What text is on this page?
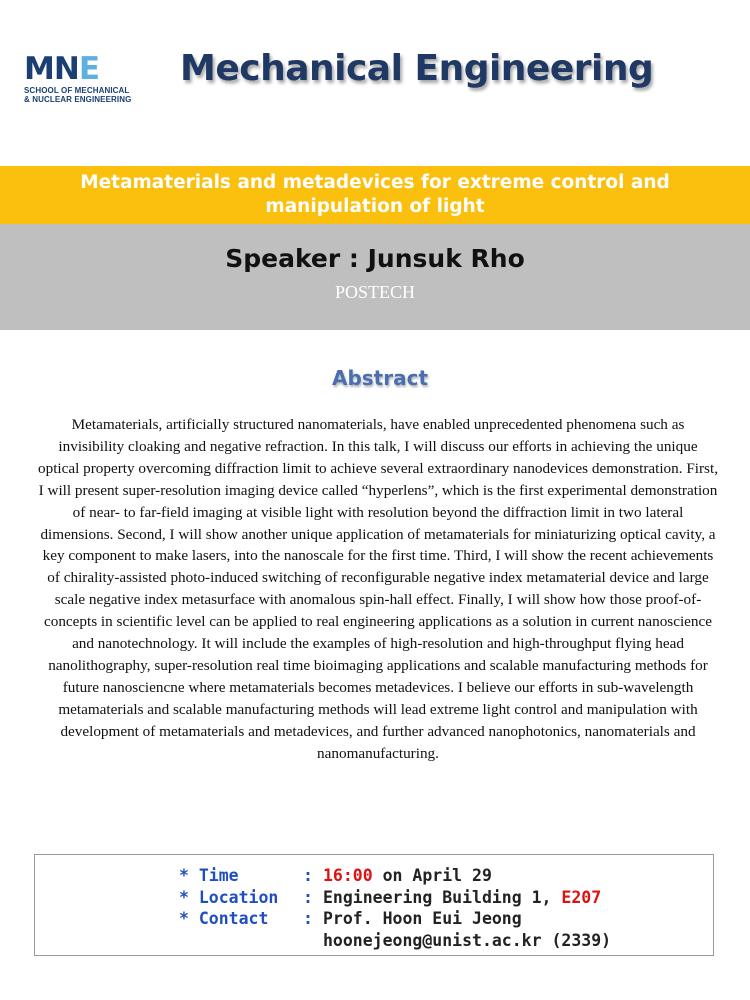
M N E
SCHOOL OF MECHANICAL
& NUCLEAR ENGINEERING
Mechanical Engineering
Metamaterials and metadevices for extreme control and manipulation of light
Speaker : Junsuk Rho
POSTECH
Abstract
Metamaterials, artificially structured nanomaterials, have enabled unprecedented phenomena such as invisibility cloaking and negative refraction. In this talk, I will discuss our efforts in achieving the unique optical property overcoming diffraction limit to achieve several extraordinary nanodevices demonstration. First, I will present super-resolution imaging device called “hyperlens”, which is the first experimental demonstration of near- to far-field imaging at visible light with resolution beyond the diffraction limit in two lateral dimensions. Second, I will show another unique application of metamaterials for miniaturizing optical cavity, a key component to make lasers, into the nanoscale for the first time. Third, I will show the recent achievements of chirality-assisted photo-induced switching of reconfigurable negative index metamaterial device and large scale negative index metasurface with anomalous spin-hall effect. Finally, I will show how those proof-of-concepts in scientific level can be applied to real engineering applications as a solution in current nanoscience and nanotechnology. It will include the examples of high-resolution and high-throughput flying head nanolithography, super-resolution real time bioimaging applications and scalable manufacturing methods for future nanosciencne where metamaterials becomes metadevices. I believe our efforts in sub-wavelength metamaterials and scalable manufacturing methods will lead extreme light control and manipulation with development of metamaterials and metadevices, and further advanced nanophotonics, nanomaterials and nanomanufacturing.
* Time	: 16:00 on April 29
* Location	: Engineering Building 1, E207
* Contact	: Prof. Hoon Eui Jeong
hoonejeong@unist.ac.kr (2339)
